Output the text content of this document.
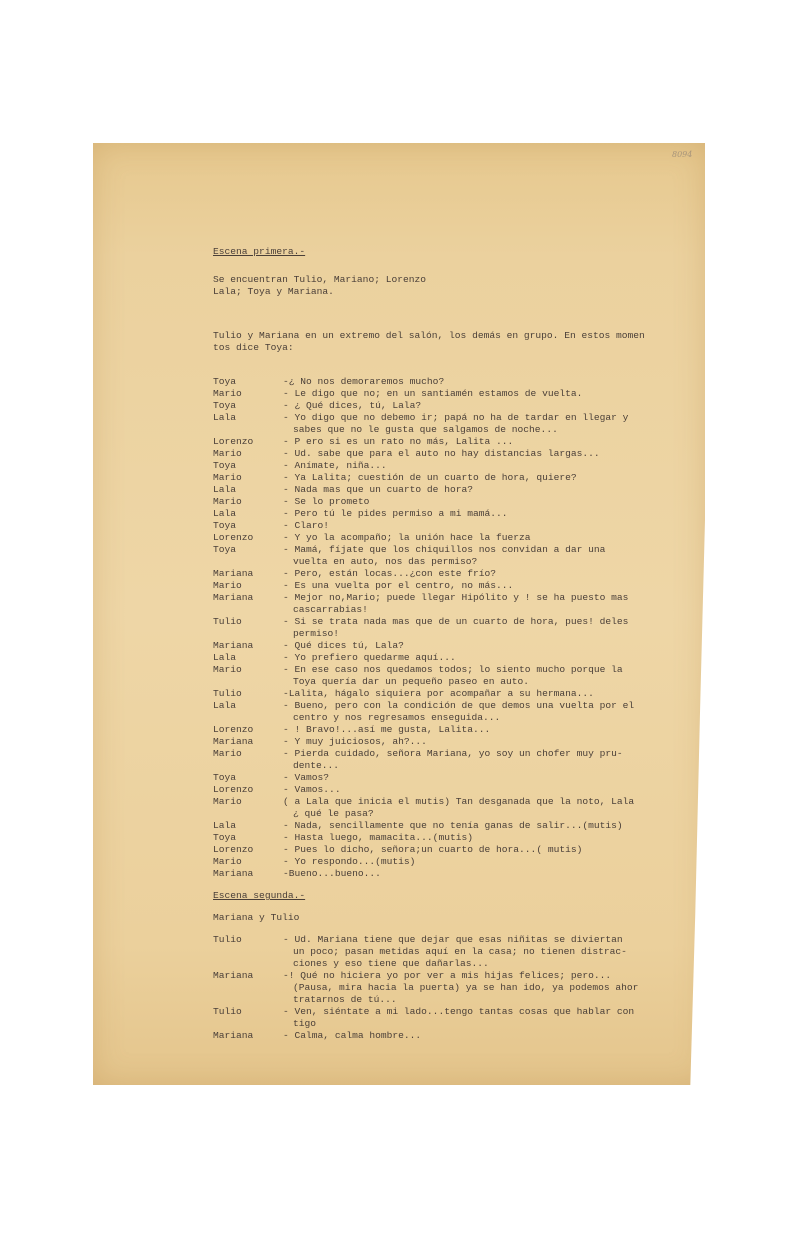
8094
Escena primera.-
Se encuentran Tulio, Mariano; Lorenzo
Lala; Toya y Mariana.
Tulio y Mariana en un extremo del salón, los demás en grupo. En estos momen
tos dice Toya:
Toya	-¿ No nos demoraremos mucho?
Mario	- Le digo que no; en un santiamén estamos de vuelta.
Toya	- ¿ Qué dices, tú, Lala?
Lala	- Yo digo que no debemo ir; papá no ha de tardar en llegar y
sabes que no le gusta que salgamos de noche...
Lorenzo	- P ero si es un rato no más, Lalita ...
Mario	- Ud. sabe que para el auto no hay distancias largas...
Toya	- Anímate, niña...
Mario	- Ya Lalita; cuestión de un cuarto de hora, quiere?
Lala	- Nada mas que un cuarto de hora?
Mario	- Se lo prometo
Lala	- Pero tú le pides permiso a mi mamá...
Toya	- Claro!
Lorenzo	- Y yo la acompaño; la unión hace la fuerza
Toya	- Mamá, fíjate que los chiquillos nos convidan a dar una
vuelta en auto, nos das permiso?
Mariana	- Pero, están locas...¿con este frío?
Mario	- Es una vuelta por el centro, no más...
Mariana	- Mejor no,Mario; puede llegar Hipólito y ! se ha puesto mas
cascarrabias!
Tulio	- Si se trata nada mas que de un cuarto de hora, pues! deles
permiso!
Mariana	- Qué dices tú, Lala?
Lala	- Yo prefiero quedarme aquí...
Mario	- En ese caso nos quedamos todos; lo siento mucho porque la
Toya quería dar un pequeño paseo en auto.
Tulio	-Lalita, hágalo siquiera por acompañar a su hermana...
Lala	- Bueno, pero con la condición de que demos una vuelta por el
centro y nos regresamos enseguida...
Lorenzo	- ! Bravo!...así me gusta, Lalita...
Mariana	- Y muy juiciosos, ah?...
Mario	- Pierda cuidado, señora Mariana, yo soy un chofer muy pru-
dente...
Toya	- Vamos?
Lorenzo	- Vamos...
Mario	( a Lala que inicia el mutis) Tan desganada que la noto, Lala
¿ qué le pasa?
Lala	- Nada, sencillamente que no tenía ganas de salir...(mutis)
Toya	- Hasta luego, mamacita...(mutis)
Lorenzo	- Pues lo dicho, señora;un cuarto de hora...( mutis)
Mario	- Yo respondo...(mutis)
Mariana	-Bueno...bueno...
Escena segunda.-
Mariana y Tulio
Tulio	- Ud. Mariana tiene que dejar que esas niñitas se diviertan
un poco; pasan metidas aquí en la casa; no tienen distrac-
ciones y eso tiene que dañarlas...
Mariana	-! Qué no hiciera yo por ver a mis hijas felices; pero...
(Pausa, mira hacia la puerta) ya se han ido, ya podemos ahor
tratarnos de tú...
Tulio	- Ven, siéntate a mi lado...tengo tantas cosas que hablar con
tigo
Mariana	- Calma, calma hombre...
